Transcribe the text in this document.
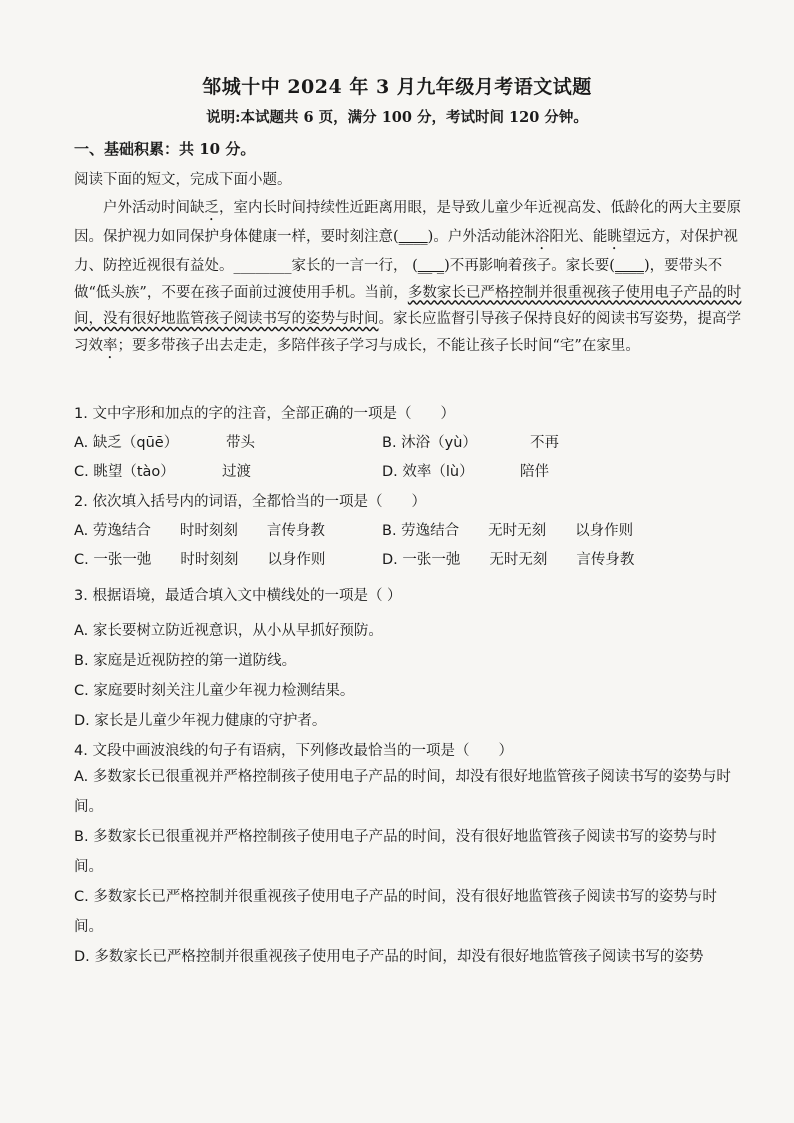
邹城十中 2024 年 3 月九年级月考语文试题
说明:本试题共 6 页，满分 100 分，考试时间 120 分钟。
一、基础积累：共 10 分。
阅读下面的短文，完成下面小题。

户外活动时间缺乏，室内长时间持续性近距离用眼，是导致儿童少年近视高发、低龄化的两大主要原因。保护视力如同保护身体健康一样，要时刻注意(____)。户外活动能沐浴阳光、能眺望远方，对保护视力、防控近视很有益处。________家长的一言一行， (__ _)不再影响着孩子。家长要(____)，要带头不做“低头族”，不要在孩子面前过渡使用手机。当前，多数家长已严格控制并很重视孩子使用电子产品的时间，没有很好地监管孩子阅读书写的姿势与时间。家长应监督引导孩子保持良好的阅读书写姿势，提高学习效率；要多带孩子出去走走，多陪伴孩子学习与成长，不能让孩子长时间“宅”在家里。

1. 文中字形和加点的字的注音，全部正确的一项是（　　）
A. 缺乏（qūē）	带头	B. 沐浴（yù）	不再
C. 眺望（tào）	过渡	D. 效率（lù）	陪伴
2. 依次填入括号内的词语，全都恰当的一项是（　　）
A. 劳逸结合　　时时刻刻　　言传身教	B. 劳逸结合　　无时无刻　　以身作则
C. 一张一弛　　时时刻刻　　以身作则	D. 一张一弛　　无时无刻　　言传身教
3. 根据语境，最适合填入文中横线处的一项是（ ）
A. 家长要树立防近视意识，从小从早抓好预防。
B. 家庭是近视防控的第一道防线。
C. 家庭要时刻关注儿童少年视力检测结果。
D. 家长是儿童少年视力健康的守护者。
4. 文段中画波浪线的句子有语病，下列修改最恰当的一项是（　　）
A. 多数家长已很重视并严格控制孩子使用电子产品的时间，却没有很好地监管孩子阅读书写的姿势与时间。
B. 多数家长已很重视并严格控制孩子使用电子产品的时间，没有很好地监管孩子阅读书写的姿势与时间。
C. 多数家长已严格控制并很重视孩子使用电子产品的时间，没有很好地监管孩子阅读书写的姿势与时间。
D. 多数家长已严格控制并很重视孩子使用电子产品的时间，却没有很好地监管孩子阅读书写的姿势
